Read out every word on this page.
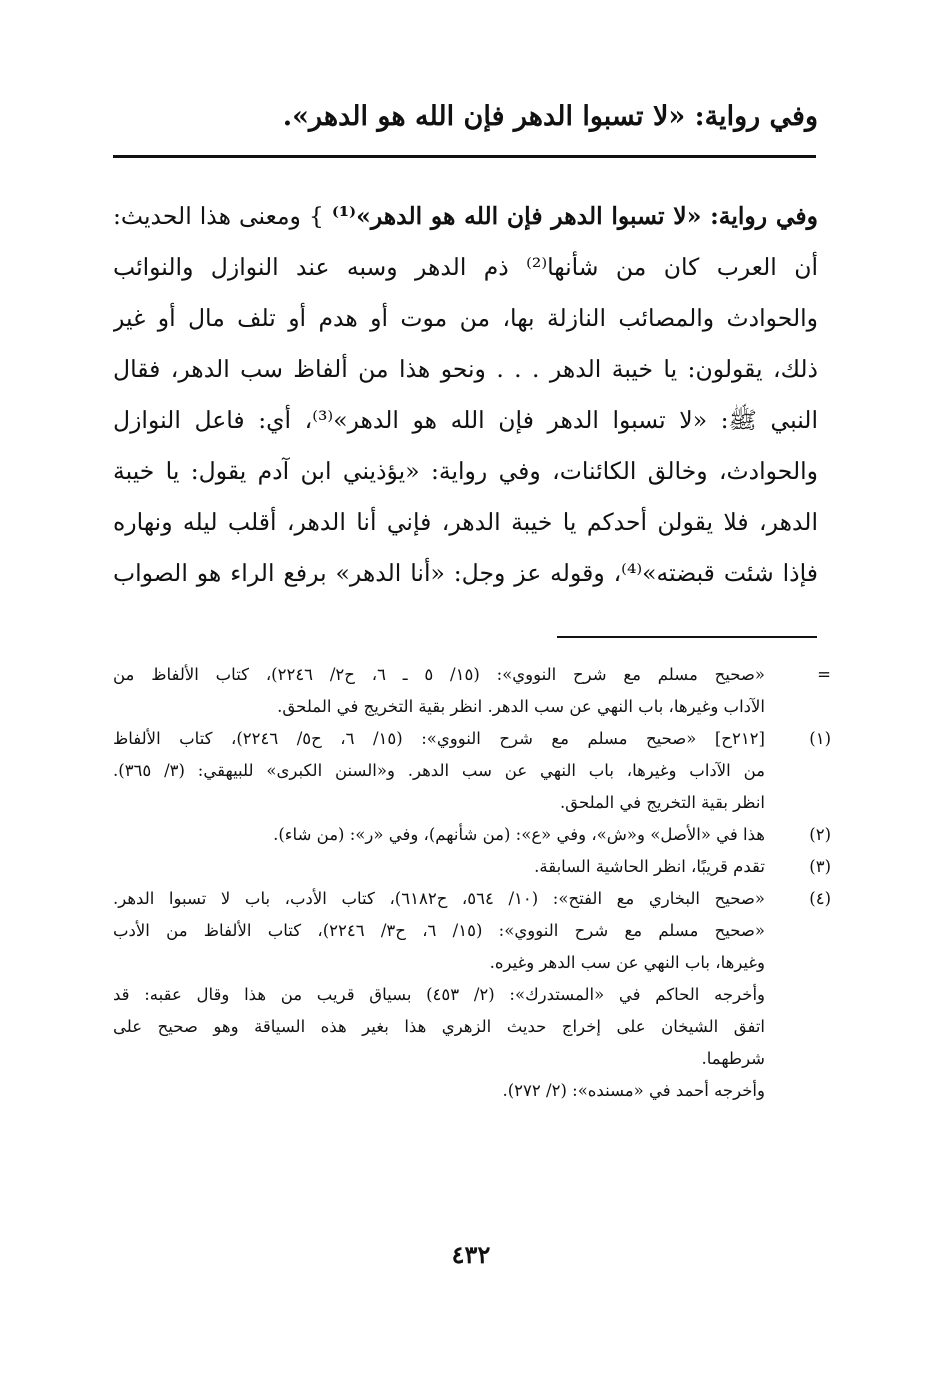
وفي رواية: «لا تسبوا الدهر فإن الله هو الدهر».
وفي رواية: «لا تسبوا الدهر فإن الله هو الدهر»⁽¹⁾ } ومعنى هذا الحديث:
أن العرب كان من شأنها⁽²⁾ ذم الدهر وسبه عند النوازل والنوائب
والحوادث والمصائب النازلة بها، من موت أو هدم أو تلف مال أو غير
ذلك، يقولون: يا خيبة الدهر . . . ونحو هذا من ألفاظ سب الدهر، فقال
النبي ﷺ: «لا تسبوا الدهر فإن الله هو الدهر»⁽³⁾، أي: فاعل النوازل
والحوادث، وخالق الكائنات، وفي رواية: «يؤذيني ابن آدم يقول: يا خيبة
الدهر، فلا يقولن أحدكم يا خيبة الدهر، فإني أنا الدهر، أقلب ليله ونهاره
فإذا شئت قبضته»⁽⁴⁾، وقوله عز وجل: «أنا الدهر» برفع الراء هو الصواب
=
«صحيح مسلم مع شرح النووي»: (١٥/ ٥ ـ ٦، ح٢/ ٢٢٤٦)، كتاب الألفاظ من
الآداب وغيرها، باب النهي عن سب الدهر. انظر بقية التخريج في الملحق.
(١)
[٢١٢ح] «صحيح مسلم مع شرح النووي»: (١٥/ ٦، ح٥/ ٢٢٤٦)، كتاب الألفاظ
من الآداب وغيرها، باب النهي عن سب الدهر. و«السنن الكبرى» للبيهقي: (٣/ ٣٦٥).
انظر بقية التخريج في الملحق.
(٢)
هذا في «الأصل» و«ش»، وفي «ع»: (من شأنهم)، وفي «ر»: (من شاء).
(٣)
تقدم قريبًا، انظر الحاشية السابقة.
(٤)
«صحيح البخاري مع الفتح»: (١٠/ ٥٦٤، ح٦١٨٢)، كتاب الأدب، باب لا تسبوا الدهر.
«صحيح مسلم مع شرح النووي»: (١٥/ ٦، ح٣/ ٢٢٤٦)، كتاب الألفاظ من الأدب
وغيرها، باب النهي عن سب الدهر وغيره.
وأخرجه الحاكم في «المستدرك»: (٢/ ٤٥٣) بسياق قريب من هذا وقال عقبه: قد
اتفق الشيخان على إخراج حديث الزهري هذا بغير هذه السياقة وهو صحيح على
شرطهما.
وأخرجه أحمد في «مسنده»: (٢/ ٢٧٢).
٤٣٢
